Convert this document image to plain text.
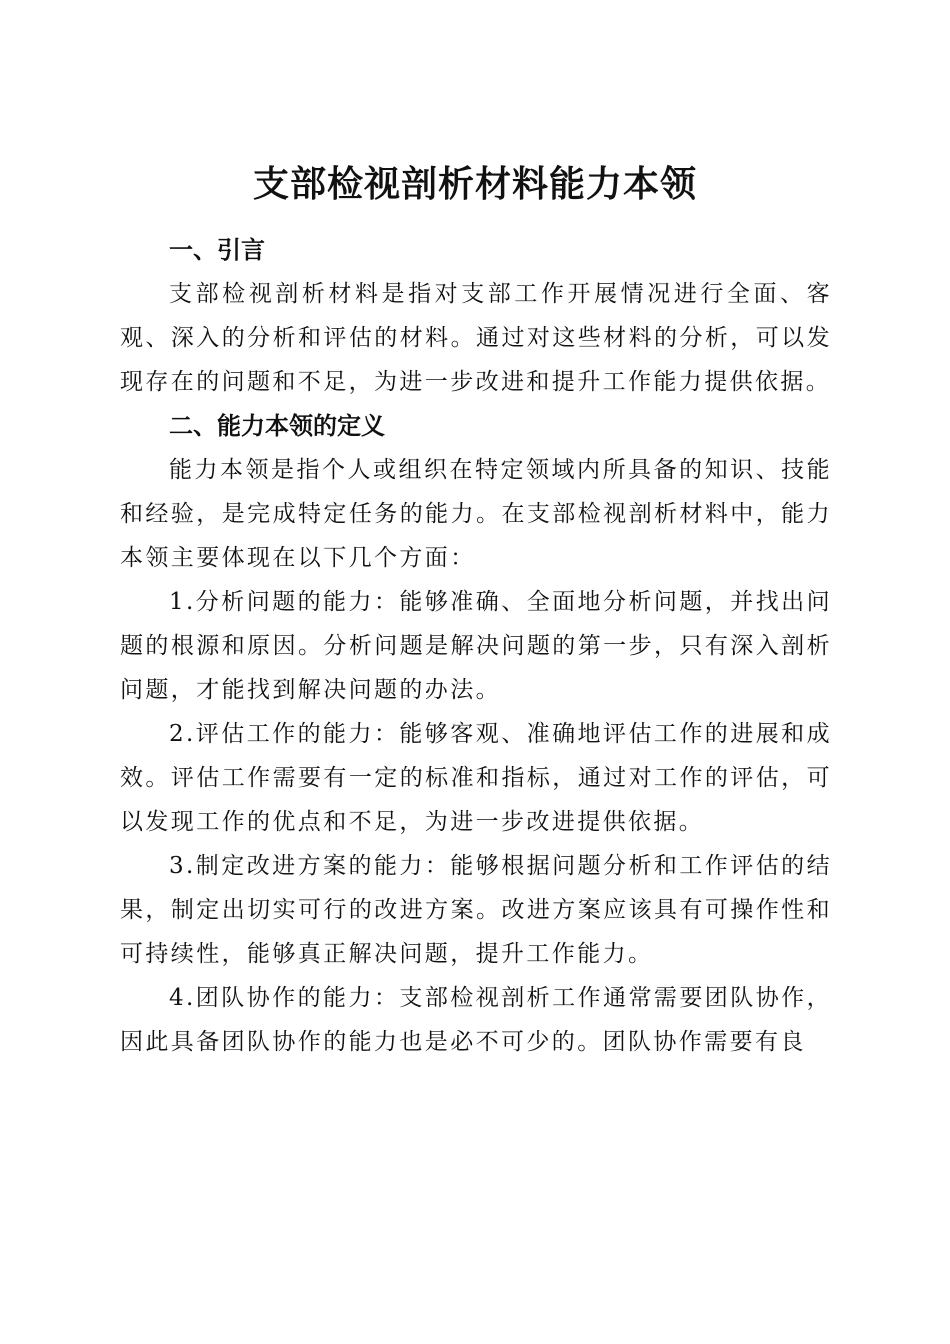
支部检视剖析材料能力本领
一、引言

支部检视剖析材料是指对支部工作开展情况进行全面、客观、深入的分析和评估的材料。通过对这些材料的分析，可以发现存在的问题和不足，为进一步改进和提升工作能力提供依据。

二、能力本领的定义

能力本领是指个人或组织在特定领域内所具备的知识、技能和经验，是完成特定任务的能力。在支部检视剖析材料中，能力本领主要体现在以下几个方面：

1.分析问题的能力：能够准确、全面地分析问题，并找出问题的根源和原因。分析问题是解决问题的第一步，只有深入剖析问题，才能找到解决问题的办法。

2.评估工作的能力：能够客观、准确地评估工作的进展和成效。评估工作需要有一定的标准和指标，通过对工作的评估，可以发现工作的优点和不足，为进一步改进提供依据。

3.制定改进方案的能力：能够根据问题分析和工作评估的结果，制定出切实可行的改进方案。改进方案应该具有可操作性和可持续性，能够真正解决问题，提升工作能力。

4.团队协作的能力：支部检视剖析工作通常需要团队协作，因此具备团队协作的能力也是必不可少的。团队协作需要有良
